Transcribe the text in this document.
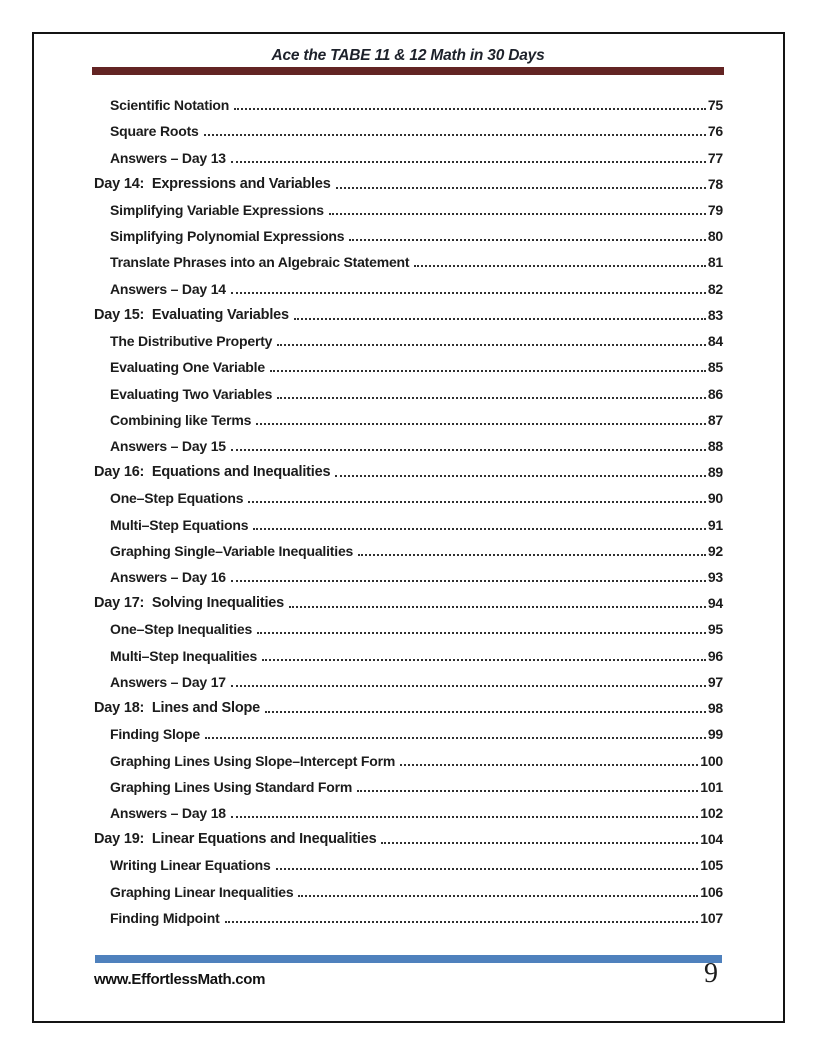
Ace the TABE 11 & 12 Math in 30 Days
Scientific Notation	75
Square Roots	76
Answers – Day 13	77
Day 14:  Expressions and Variables	78
Simplifying Variable Expressions	79
Simplifying Polynomial Expressions	80
Translate Phrases into an Algebraic Statement	81
Answers – Day 14	82
Day 15:  Evaluating Variables	83
The Distributive Property	84
Evaluating One Variable	85
Evaluating Two Variables	86
Combining like Terms	87
Answers – Day 15	88
Day 16:  Equations and Inequalities	89
One–Step Equations	90
Multi–Step Equations	91
Graphing Single–Variable Inequalities	92
Answers – Day 16	93
Day 17:  Solving Inequalities	94
One–Step Inequalities	95
Multi–Step Inequalities	96
Answers – Day 17	97
Day 18:  Lines and Slope	98
Finding Slope	99
Graphing Lines Using Slope–Intercept Form	100
Graphing Lines Using Standard Form	101
Answers – Day 18	102
Day 19:  Linear Equations and Inequalities	104
Writing Linear Equations	105
Graphing Linear Inequalities	106
Finding Midpoint	107
www.EffortlessMath.com	9
